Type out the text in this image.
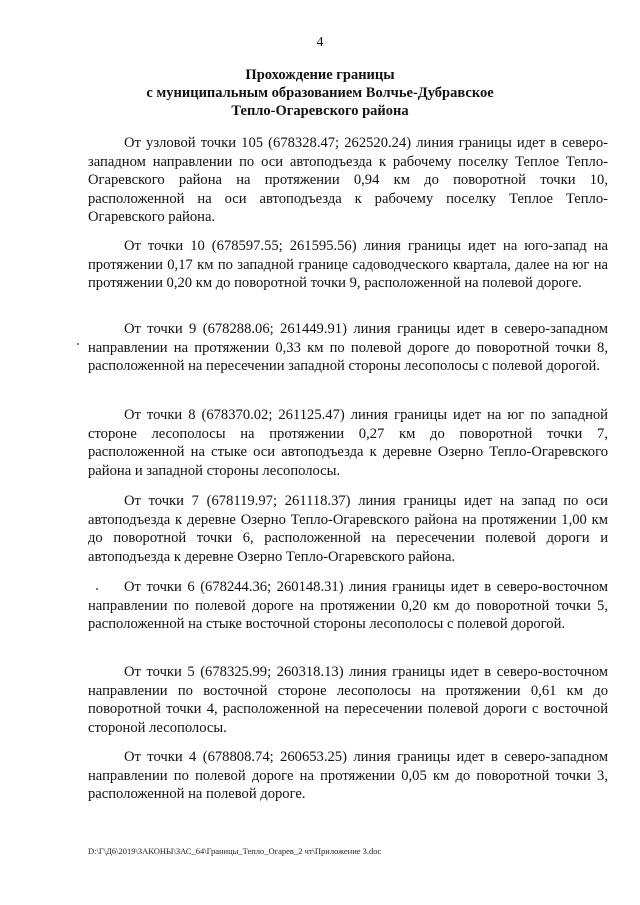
4
Прохождение границы
с муниципальным образованием Волчье-Дубравское
Тепло-Огаревского района

От узловой точки 105 (678328.47; 262520.24) линия границы идет в северо-западном направлении по оси автоподъезда к рабочему поселку Теплое Тепло-Огаревского района на протяжении 0,94 км до поворотной точки 10, расположенной на оси автоподъезда к рабочему поселку Теплое Тепло-Огаревского района.

От точки 10 (678597.55; 261595.56) линия границы идет на юго-запад на протяжении 0,17 км по западной границе садоводческого квартала, далее на юг на протяжении 0,20 км до поворотной точки 9, расположенной на полевой дороге.

От точки 9 (678288.06; 261449.91) линия границы идет в северо-западном направлении на протяжении 0,33 км по полевой дороге до поворотной точки 8, расположенной на пересечении западной стороны лесополосы с полевой дорогой.

От точки 8 (678370.02; 261125.47) линия границы идет на юг по западной стороне лесополосы на протяжении 0,27 км до поворотной точки 7, расположенной на стыке оси автоподъезда к деревне Озерно Тепло-Огаревского района и западной стороны лесополосы.

От точки 7 (678119.97; 261118.37) линия границы идет на запад по оси автоподъезда к деревне Озерно Тепло-Огаревского района на протяжении 1,00 км до поворотной точки 6, расположенной на пересечении полевой дороги и автоподъезда к деревне Озерно Тепло-Огаревского района.

От точки 6 (678244.36; 260148.31) линия границы идет в северо-восточном направлении по полевой дороге на протяжении 0,20 км до поворотной точки 5, расположенной на стыке восточной стороны лесополосы с полевой дорогой.

От точки 5 (678325.99; 260318.13) линия границы идет в северо-восточном направлении по восточной стороне лесополосы на протяжении 0,61 км до поворотной точки 4, расположенной на пересечении полевой дороги с восточной стороной лесополосы.

От точки 4 (678808.74; 260653.25) линия границы идет в северо-западном направлении по полевой дороге на протяжении 0,05 км до поворотной точки 3, расположенной на полевой дороге.

D:\Г\Д6\2019\ЗАКОНЫ\ЗАС_64\Границы_Тепло_Огарев_2 чт\Приложение 3.doc
